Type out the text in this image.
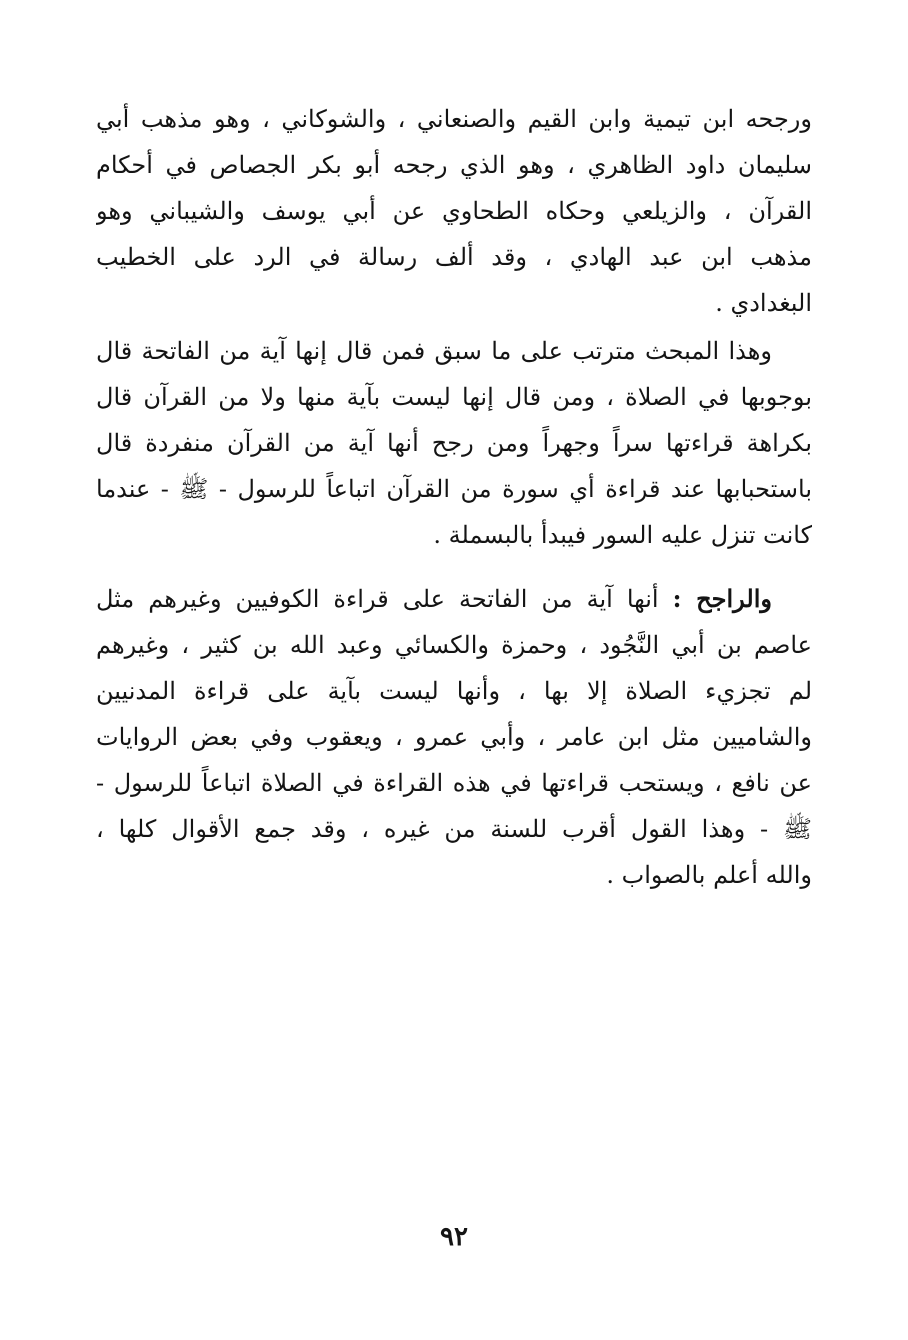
ورجحه ابن تيمية وابن القيم والصنعاني ، والشوكاني ، وهو مذهب أبي
سليمان داود الظاهري ، وهو الذي رجحه أبو بكر الجصاص في أحكام
القرآن ، والزيلعي وحكاه الطحاوي عن أبي يوسف والشيباني وهو
مذهب ابن عبد الهادي ، وقد ألف رسالة في الرد على الخطيب
البغدادي .
وهذا المبحث مترتب على ما سبق فمن قال إنها آية من الفاتحة قال
بوجوبها في الصلاة ، ومن قال إنها ليست بآية منها ولا من القرآن قال
بكراهة قراءتها سراً وجهراً ومن رجح أنها آية من القرآن منفردة قال
باستحبابها عند قراءة أي سورة من القرآن اتباعاً للرسول - ﷺ - عندما
كانت تنزل عليه السور فيبدأ بالبسملة .
والراجح : أنها آية من الفاتحة على قراءة الكوفيين وغيرهم مثل
عاصم بن أبي النَّجُود ، وحمزة والكسائي وعبد الله بن كثير ، وغيرهم
لم تجزيء الصلاة إلا بها ، وأنها ليست بآية على قراءة المدنيين
والشاميين مثل ابن عامر ، وأبي عمرو ، ويعقوب وفي بعض الروايات
عن نافع ، ويستحب قراءتها في هذه القراءة في الصلاة اتباعاً للرسول -
ﷺ - وهذا القول أقرب للسنة من غيره ، وقد جمع الأقوال كلها ،
والله أعلم بالصواب .
٩٢
